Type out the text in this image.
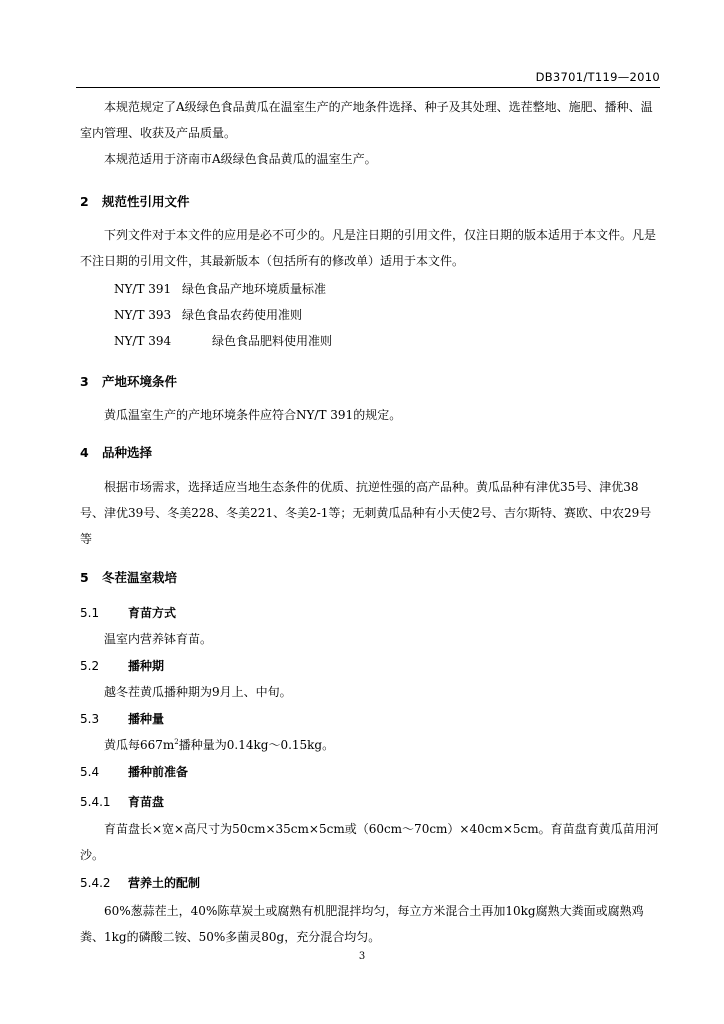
DB3701/T119—2010
本规范规定了A级绿色食品黄瓜在温室生产的产地条件选择、种子及其处理、选茬整地、施肥、播种、温室内管理、收获及产品质量。
本规范适用于济南市A级绿色食品黄瓜的温室生产。
2 规范性引用文件
下列文件对于本文件的应用是必不可少的。凡是注日期的引用文件，仅注日期的版本适用于本文件。凡是不注日期的引用文件，其最新版本（包括所有的修改单）适用于本文件。
NY/T 391 绿色食品产地环境质量标准
NY/T 393 绿色食品农药使用准则
NY/T 394	绿色食品肥料使用准则
3 产地环境条件
黄瓜温室生产的产地环境条件应符合NY/T 391的规定。
4 品种选择
根据市场需求，选择适应当地生态条件的优质、抗逆性强的高产品种。黄瓜品种有津优35号、津优38号、津优39号、冬美228、冬美221、冬美2-1等；无刺黄瓜品种有小天使2号、吉尔斯特、赛欧、中农29号等
5 冬茬温室栽培
5.1 育苗方式
温室内营养钵育苗。
5.2 播种期
越冬茬黄瓜播种期为9月上、中旬。
5.3 播种量
黄瓜每$667m^2$播种量为0.14kg～0.15kg。
5.4 播种前准备
5.4.1 育苗盘
育苗盘长×宽×高尺寸为50cm×35cm×5cm或（60cm～70cm）×40cm×5cm。育苗盘育黄瓜苗用河沙。
5.4.2 营养土的配制
60%葱蒜茬土，40%陈草炭土或腐熟有机肥混拌均匀，每立方米混合土再加10kg腐熟大粪面或腐熟鸡粪、1kg的磷酸二铵、50%多菌灵80g，充分混合均匀。
3
